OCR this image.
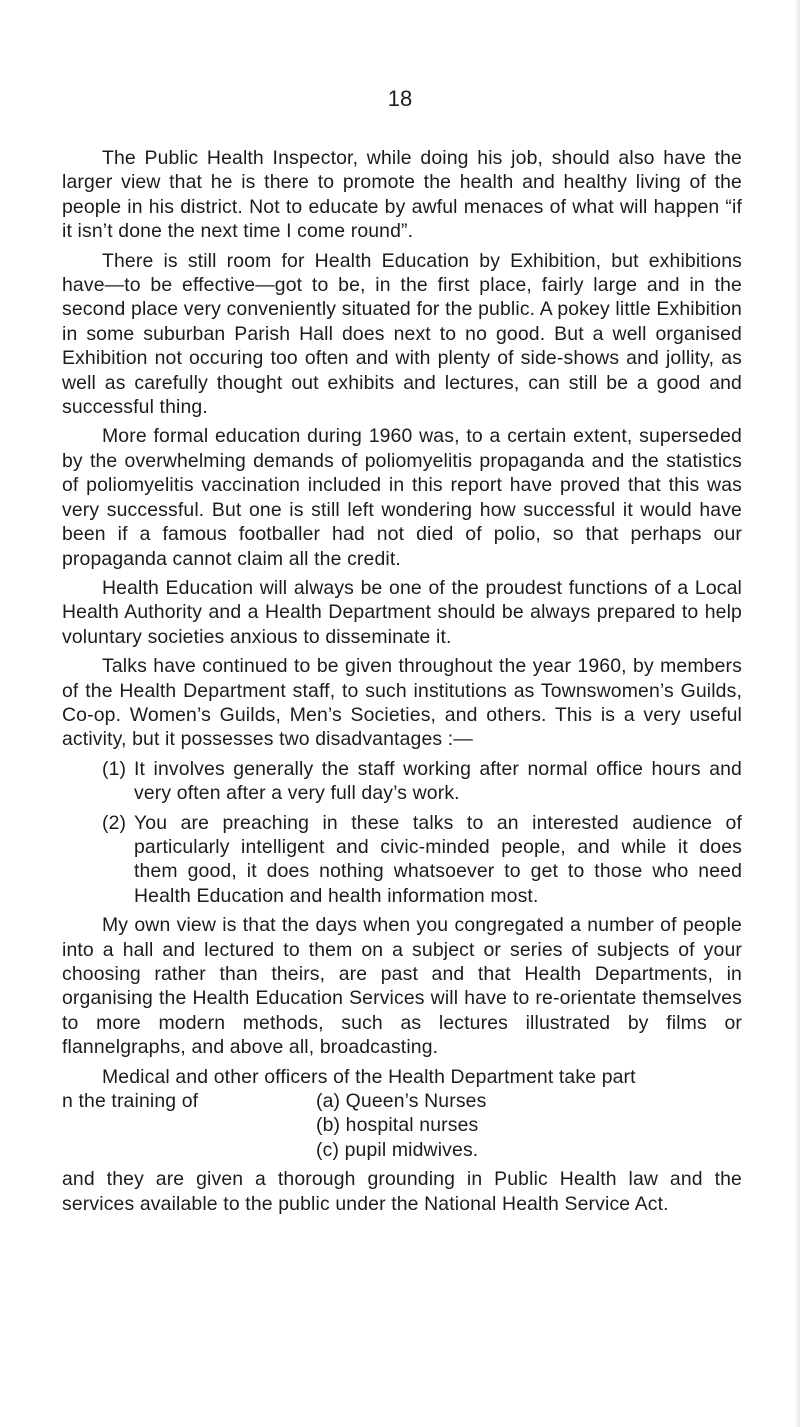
18

The Public Health Inspector, while doing his job, should also have the larger view that he is there to promote the health and healthy living of the people in his district. Not to educate by awful menaces of what will happen “if it isn’t done the next time I come round”.

There is still room for Health Education by Exhibition, but exhibitions have—to be effective—got to be, in the first place, fairly large and in the second place very conveniently situated for the public. A pokey little Exhibition in some suburban Parish Hall does next to no good. But a well organised Exhibition not occuring too often and with plenty of side-shows and jollity, as well as carefully thought out exhibits and lectures, can still be a good and successful thing.

More formal education during 1960 was, to a certain extent, superseded by the overwhelming demands of poliomyelitis propaganda and the statistics of poliomyelitis vaccination included in this report have proved that this was very successful. But one is still left wondering how successful it would have been if a famous footballer had not died of polio, so that perhaps our propaganda cannot claim all the credit.

Health Education will always be one of the proudest functions of a Local Health Authority and a Health Department should be always prepared to help voluntary societies anxious to disseminate it.

Talks have continued to be given throughout the year 1960, by members of the Health Department staff, to such institutions as Townswomen’s Guilds, Co-op. Women’s Guilds, Men’s Societies, and others. This is a very useful activity, but it possesses two disadvantages :—

(1) It involves generally the staff working after normal office hours and very often after a very full day’s work.
(2) You are preaching in these talks to an interested audience of particularly intelligent and civic-minded people, and while it does them good, it does nothing whatsoever to get to those who need Health Education and health information most.

My own view is that the days when you congregated a number of people into a hall and lectured to them on a subject or series of subjects of your choosing rather than theirs, are past and that Health Departments, in organising the Health Education Services will have to re-orientate themselves to more modern methods, such as lectures illustrated by films or flannelgraphs, and above all, broadcasting.

Medical and other officers of the Health Department take part

n the training of	(a) Queen’s Nurses
(b) hospital nurses
(c) pupil midwives.

and they are given a thorough grounding in Public Health law and the services available to the public under the National Health Service Act.
